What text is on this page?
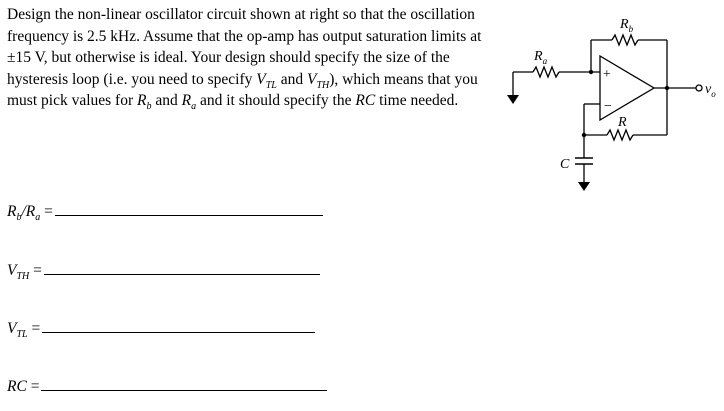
Design the non-linear oscillator circuit shown at right so that the oscillation frequency is 2.5 kHz. Assume that the op-amp has output saturation limits at ±15 V, but otherwise is ideal. Your design should specify the size of the hysteresis loop (i.e. you need to specify $V_{TL}$ and $V_{TH}$), which means that you must pick values for $R_b$ and $R_a$ and it should specify the RC time needed.

$R_b/R_a$ =
$V_{TH}$ =
$V_{TL}$ =
RC =
+
−
$R_b$
$R_a$
R
C
$v_o$
